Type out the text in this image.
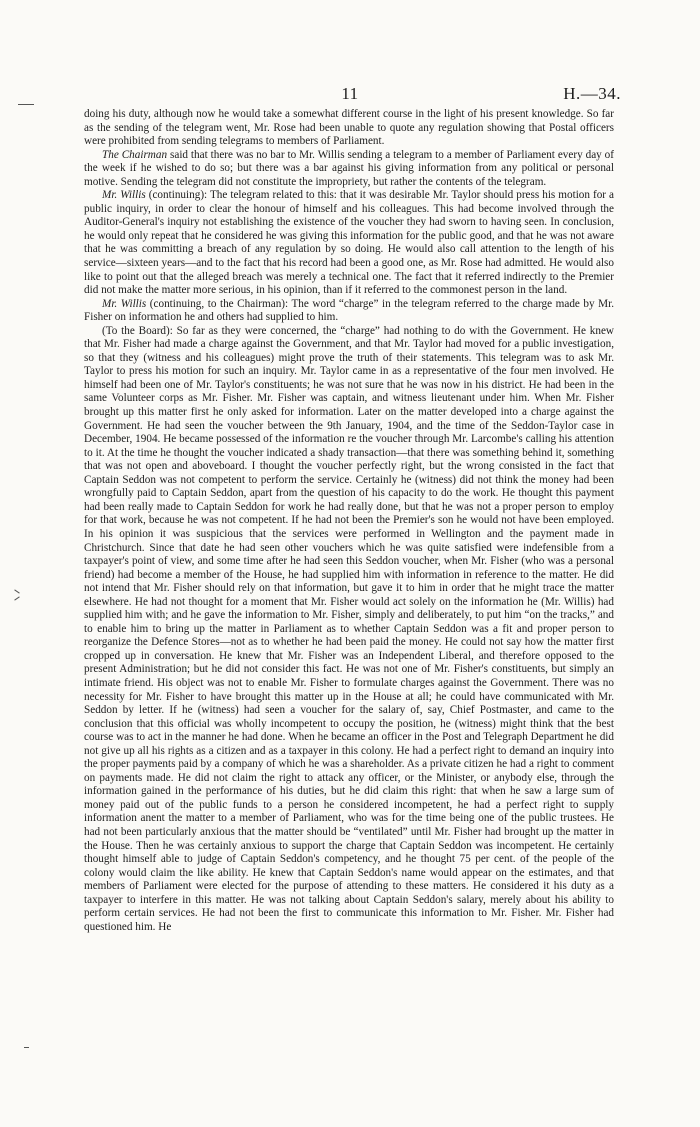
11	H.—34.

doing his duty, although now he would take a somewhat different course in the light of his present knowledge. So far as the sending of the telegram went, Mr. Rose had been unable to quote any regulation showing that Postal officers were prohibited from sending telegrams to members of Parliament.

The Chairman said that there was no bar to Mr. Willis sending a telegram to a member of Parliament every day of the week if he wished to do so; but there was a bar against his giving information from any political or personal motive. Sending the telegram did not constitute the impropriety, but rather the contents of the telegram.

Mr. Willis (continuing): The telegram related to this: that it was desirable Mr. Taylor should press his motion for a public inquiry, in order to clear the honour of himself and his colleagues. This had become involved through the Auditor-General's inquiry not establishing the existence of the voucher they had sworn to having seen. In conclusion, he would only repeat that he considered he was giving this information for the public good, and that he was not aware that he was committing a breach of any regulation by so doing. He would also call attention to the length of his service—sixteen years—and to the fact that his record had been a good one, as Mr. Rose had admitted. He would also like to point out that the alleged breach was merely a technical one. The fact that it referred indirectly to the Premier did not make the matter more serious, in his opinion, than if it referred to the commonest person in the land.

Mr. Willis (continuing, to the Chairman): The word “charge” in the telegram referred to the charge made by Mr. Fisher on information he and others had supplied to him.

(To the Board): So far as they were concerned, the “charge” had nothing to do with the Government. He knew that Mr. Fisher had made a charge against the Government, and that Mr. Taylor had moved for a public investigation, so that they (witness and his colleagues) might prove the truth of their statements. This telegram was to ask Mr. Taylor to press his motion for such an inquiry. Mr. Taylor came in as a representative of the four men involved. He himself had been one of Mr. Taylor's constituents; he was not sure that he was now in his district. He had been in the same Volunteer corps as Mr. Fisher. Mr. Fisher was captain, and witness lieutenant under him. When Mr. Fisher brought up this matter first he only asked for information. Later on the matter developed into a charge against the Government. He had seen the voucher between the 9th January, 1904, and the time of the Seddon-Taylor case in December, 1904. He became possessed of the information re the voucher through Mr. Larcombe's calling his attention to it. At the time he thought the voucher indicated a shady transaction—that there was something behind it, something that was not open and aboveboard. I thought the voucher perfectly right, but the wrong consisted in the fact that Captain Seddon was not competent to perform the service. Certainly he (witness) did not think the money had been wrongfully paid to Captain Seddon, apart from the question of his capacity to do the work. He thought this payment had been really made to Captain Seddon for work he had really done, but that he was not a proper person to employ for that work, because he was not competent. If he had not been the Premier's son he would not have been employed. In his opinion it was suspicious that the services were performed in Wellington and the payment made in Christchurch. Since that date he had seen other vouchers which he was quite satisfied were indefensible from a taxpayer's point of view, and some time after he had seen this Seddon voucher, when Mr. Fisher (who was a personal friend) had become a member of the House, he had supplied him with information in reference to the matter. He did not intend that Mr. Fisher should rely on that information, but gave it to him in order that he might trace the matter elsewhere. He had not thought for a moment that Mr. Fisher would act solely on the information he (Mr. Willis) had supplied him with; and he gave the information to Mr. Fisher, simply and deliberately, to put him “on the tracks,” and to enable him to bring up the matter in Parliament as to whether Captain Seddon was a fit and proper person to reorganize the Defence Stores—not as to whether he had been paid the money. He could not say how the matter first cropped up in conversation. He knew that Mr. Fisher was an Independent Liberal, and therefore opposed to the present Administration; but he did not consider this fact. He was not one of Mr. Fisher's constituents, but simply an intimate friend. His object was not to enable Mr. Fisher to formulate charges against the Government. There was no necessity for Mr. Fisher to have brought this matter up in the House at all; he could have communicated with Mr. Seddon by letter. If he (witness) had seen a voucher for the salary of, say, Chief Postmaster, and came to the conclusion that this official was wholly incompetent to occupy the position, he (witness) might think that the best course was to act in the manner he had done. When he became an officer in the Post and Telegraph Department he did not give up all his rights as a citizen and as a taxpayer in this colony. He had a perfect right to demand an inquiry into the proper payments paid by a company of which he was a shareholder. As a private citizen he had a right to comment on payments made. He did not claim the right to attack any officer, or the Minister, or anybody else, through the information gained in the performance of his duties, but he did claim this right: that when he saw a large sum of money paid out of the public funds to a person he considered incompetent, he had a perfect right to supply information anent the matter to a member of Parliament, who was for the time being one of the public trustees. He had not been particularly anxious that the matter should be “ventilated” until Mr. Fisher had brought up the matter in the House. Then he was certainly anxious to support the charge that Captain Seddon was incompetent. He certainly thought himself able to judge of Captain Seddon's competency, and he thought 75 per cent. of the people of the colony would claim the like ability. He knew that Captain Seddon's name would appear on the estimates, and that members of Parliament were elected for the purpose of attending to these matters. He considered it his duty as a taxpayer to interfere in this matter. He was not talking about Captain Seddon's salary, merely about his ability to perform certain services. He had not been the first to communicate this information to Mr. Fisher. Mr. Fisher had questioned him. He
